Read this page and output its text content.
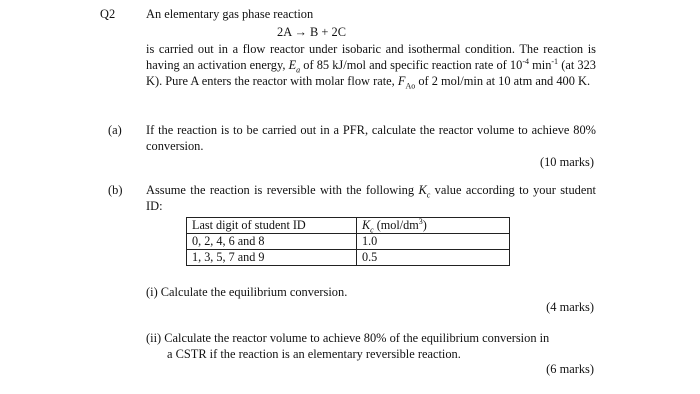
Q2 An elementary gas phase reaction
2A → B + 2C
is carried out in a flow reactor under isobaric and isothermal condition. The reaction is having an activation energy, $E_a$ of 85 kJ/mol and specific reaction rate of $10^{-4}$ $\min^{-1} (at$ 323 K). Pure A enters the reactor with molar flow rate, $F_{Ao}$ of 2 mol/min at 10 atm and 400 K.
(a) If the reaction is to be carried out in a PFR, calculate the reactor volume to achieve 80% conversion.
(10 marks)
(b) Assume the reaction is reversible with the following $K_c$ value according to your student ID:
Last digit of student ID	$K_c$ $(mol/dm^3)$
0, 2, 4, 6 and 8	1.0
1, 3, 5, 7 and 9	0.5
(i) Calculate the equilibrium conversion.
(4 marks)
(ii) Calculate the reactor volume to achieve 80% of the equilibrium conversion in
a CSTR if the reaction is an elementary reversible reaction.
(6 marks)
